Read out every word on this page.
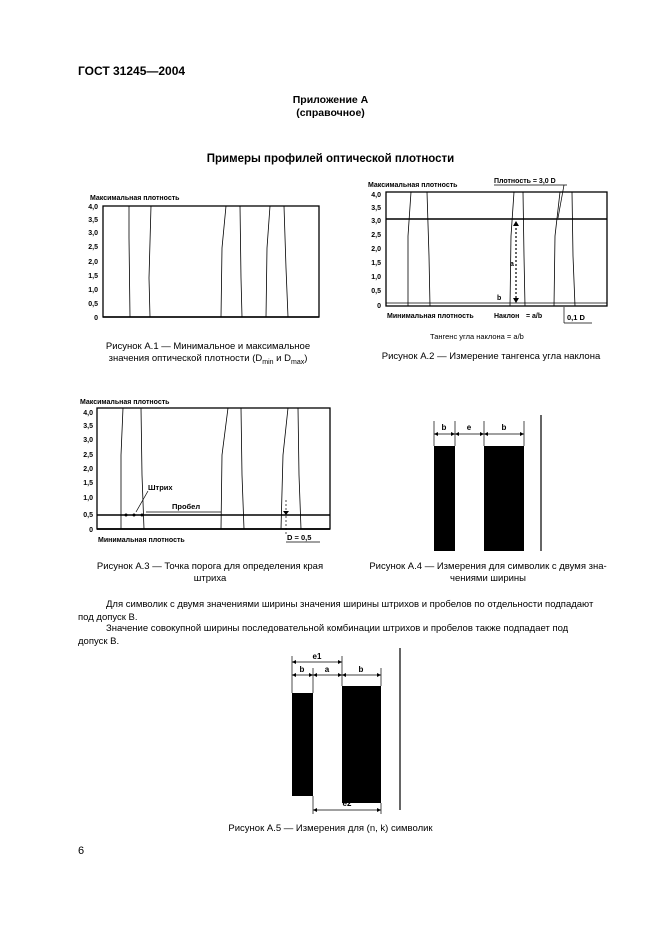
ГОСТ 31245—2004
Приложение А
(справочное)
Примеры профилей оптической плотности
Максимальная плотность
4,0
3,5
3,0
2,5
2,0
1,5
1,0
0,5
0
Рисунок А.1 — Минимальное и максимальное
значения оптической плотности ($D_{min}$ и $D_{max}$)
Максимальная плотность
Плотность = 3,0 D
4,0
3,5
3,0
2,5
2,0
1,5
1,0
0,5
0
a
b
Минимальная плотность	Наклон = a/b	0,1 D
Тангенс угла наклона = a/b
Рисунок А.2 — Измерение тангенса угла наклона
Максимальная плотность
4,0
3,5
3,0
2,5
2,0
1,5
1,0
0,5
0
Штрих
Пробел
Минимальная плотность	D = 0,5
Рисунок А.3 — Точка порога для определения края
штриха
b	e	b
Рисунок А.4 — Измерения для символик с двумя зна-
чениями ширины
Для символик с двумя значениями ширины значения ширины штрихов и пробелов по отдельности подпадают
под допуск В.
Значение совокупной ширины последовательной комбинации штрихов и пробелов также подпадает под
допуск В.
e1
b	a	b
e2
Рисунок А.5 — Измерения для (n, k) символик
6
